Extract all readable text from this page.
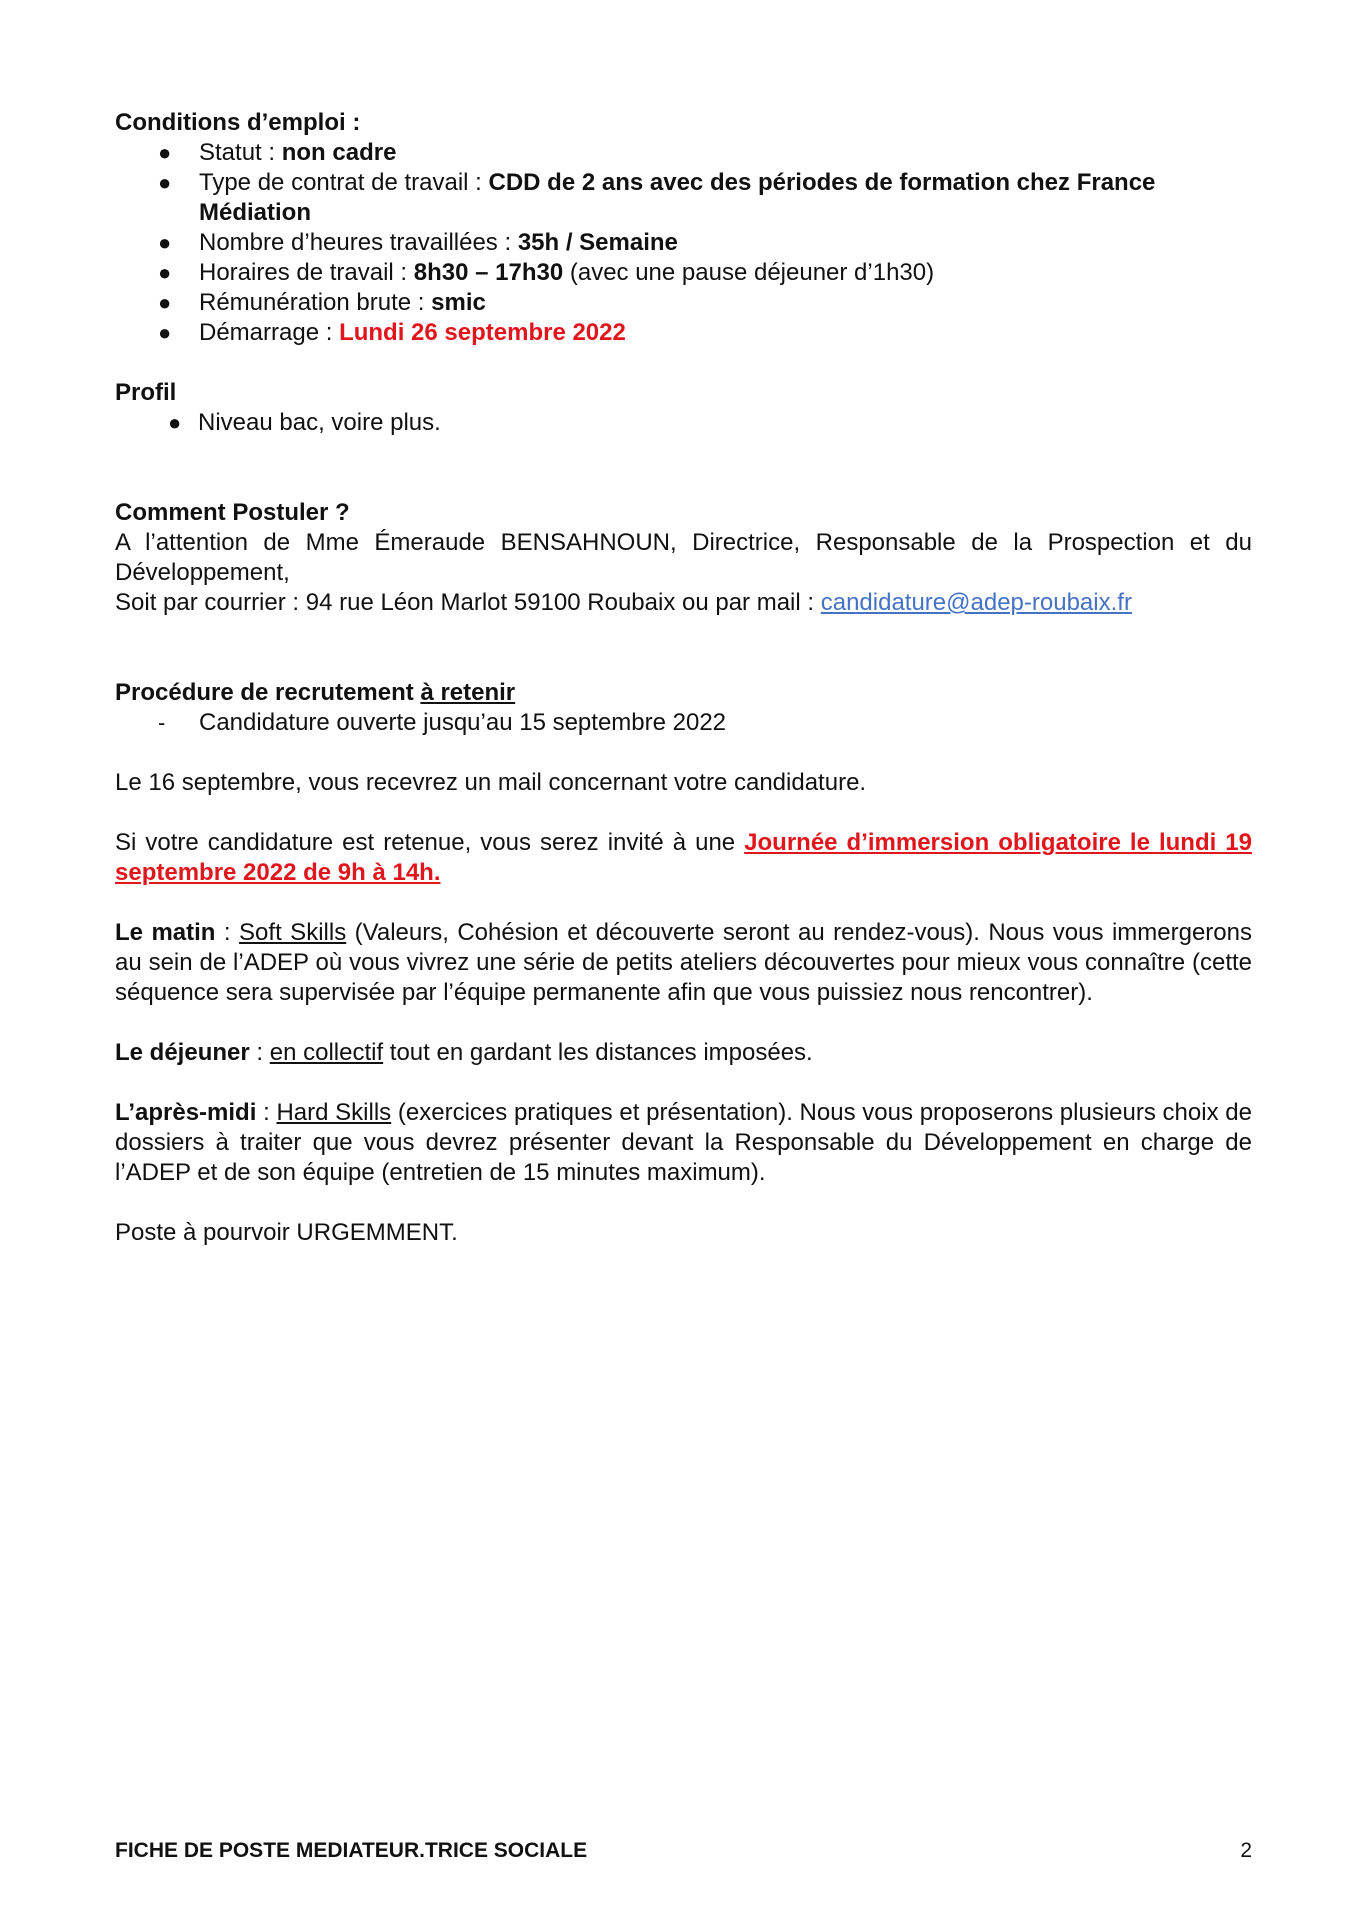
Conditions d’emploi :

● Statut : non cadre
● Type de contrat de travail : CDD de 2 ans avec des périodes de formation chez France Médiation
● Nombre d’heures travaillées : 35h / Semaine
● Horaires de travail : 8h30 – 17h30 (avec une pause déjeuner d’1h30)
● Rémunération brute : smic
● Démarrage : Lundi 26 septembre 2022

Profil

● Niveau bac, voire plus.

Comment Postuler ?

A l’attention de Mme Émeraude BENSAHNOUN, Directrice, Responsable de la Prospection et du Développement,

Soit par courrier : 94 rue Léon Marlot 59100 Roubaix ou par mail : candidature@adep-roubaix.fr

Procédure de recrutement à retenir

- Candidature ouverte jusqu’au 15 septembre 2022

Le 16 septembre, vous recevrez un mail concernant votre candidature.

Si votre candidature est retenue, vous serez invité à une Journée d’immersion obligatoire le lundi 19 septembre 2022 de 9h à 14h.

Le matin : Soft Skills (Valeurs, Cohésion et découverte seront au rendez-vous). Nous vous immergerons au sein de l’ADEP où vous vivrez une série de petits ateliers découvertes pour mieux vous connaître (cette séquence sera supervisée par l’équipe permanente afin que vous puissiez nous rencontrer).

Le déjeuner : en collectif tout en gardant les distances imposées.

L’après-midi : Hard Skills (exercices pratiques et présentation). Nous vous proposerons plusieurs choix de dossiers à traiter que vous devrez présenter devant la Responsable du Développement en charge de l’ADEP et de son équipe (entretien de 15 minutes maximum).

Poste à pourvoir URGEMMENT.

FICHE DE POSTE MEDIATEUR.TRICE SOCIALE	2
